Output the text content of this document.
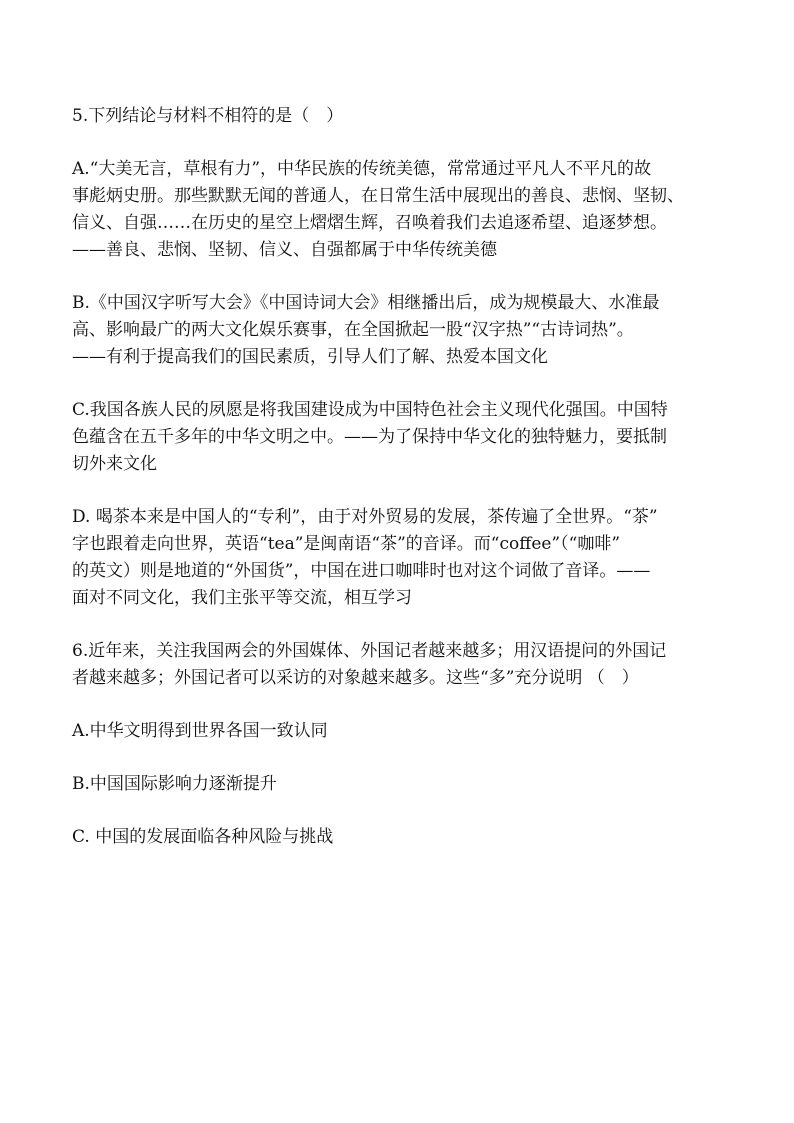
5.下列结论与材料不相符的是（　）

A.“大美无言，草根有力”，中华民族的传统美德，常常通过平凡人不平凡的故
事彪炳史册。那些默默无闻的普通人，在日常生活中展现出的善良、悲悯、坚韧、
信义、自强……在历史的星空上熠熠生辉，召唤着我们去追逐希望、追逐梦想。
——善良、悲悯、坚韧、信义、自强都属于中华传统美德
B.《中国汉字听写大会》《中国诗词大会》相继播出后，成为规模最大、水准最
高、影响最广的两大文化娱乐赛事，在全国掀起一股“汉字热”“古诗词热”。
——有利于提高我们的国民素质，引导人们了解、热爱本国文化
C.我国各族人民的夙愿是将我国建设成为中国特色社会主义现代化强国。中国特
色蕴含在五千多年的中华文明之中。——为了保持中华文化的独特魅力，要抵制
切外来文化
D. 喝茶本来是中国人的“专利”，由于对外贸易的发展，茶传遍了全世界。“茶”
字也跟着走向世界，英语“tea”是闽南语“茶”的音译。而“coffee”（“咖啡”
的英文）则是地道的“外国货”，中国在进口咖啡时也对这个词做了音译。——
面对不同文化，我们主张平等交流，相互学习
6.近年来，关注我国两会的外国媒体、外国记者越来越多；用汉语提问的外国记
者越来越多；外国记者可以采访的对象越来越多。这些“多”充分说明 （　）
A.中华文明得到世界各国一致认同
B.中国国际影响力逐渐提升
C. 中国的发展面临各种风险与挑战
